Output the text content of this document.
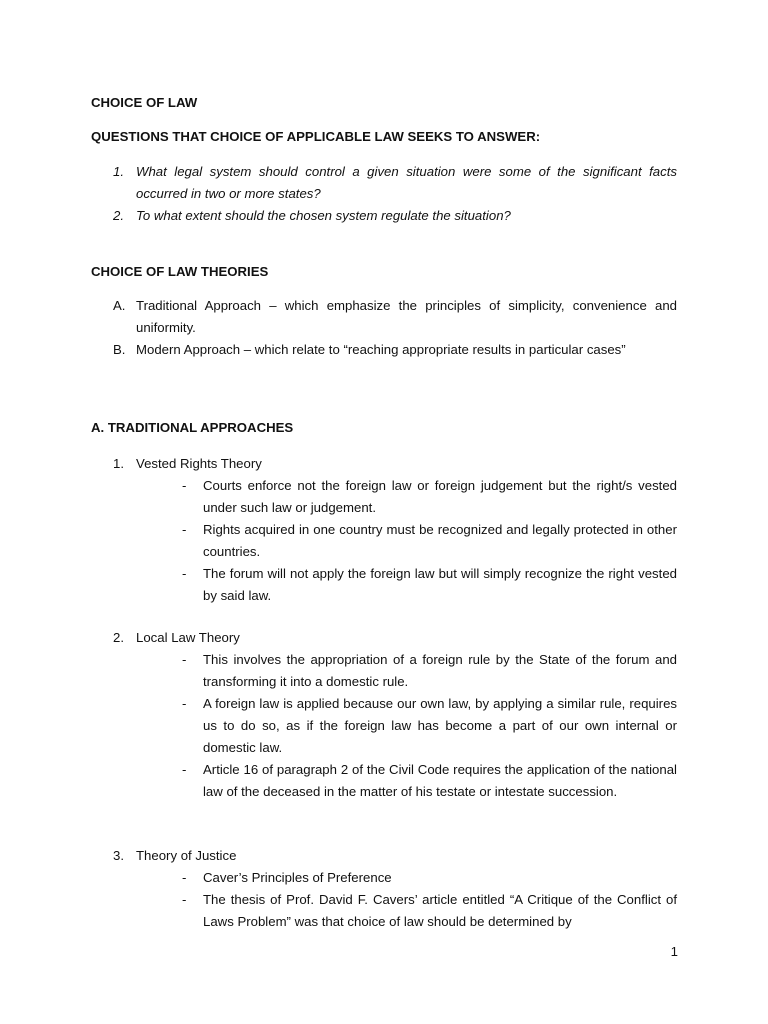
CHOICE OF LAW
QUESTIONS THAT CHOICE OF APPLICABLE LAW SEEKS TO ANSWER:
1. What legal system should control a given situation were some of the significant facts occurred in two or more states?
2. To what extent should the chosen system regulate the situation?
CHOICE OF LAW THEORIES
A. Traditional Approach – which emphasize the principles of simplicity, convenience and uniformity.
B. Modern Approach – which relate to “reaching appropriate results in particular cases”
A. TRADITIONAL APPROACHES
1. Vested Rights Theory
- Courts enforce not the foreign law or foreign judgement but the right/s vested under such law or judgement.
- Rights acquired in one country must be recognized and legally protected in other countries.
- The forum will not apply the foreign law but will simply recognize the right vested by said law.
2. Local Law Theory
- This involves the appropriation of a foreign rule by the State of the forum and transforming it into a domestic rule.
- A foreign law is applied because our own law, by applying a similar rule, requires us to do so, as if the foreign law has become a part of our own internal or domestic law.
- Article 16 of paragraph 2 of the Civil Code requires the application of the national law of the deceased in the matter of his testate or intestate succession.
3. Theory of Justice
- Caver’s Principles of Preference
- The thesis of Prof. David F. Cavers’ article entitled “A Critique of the Conflict of Laws Problem” was that choice of law should be determined by
1
